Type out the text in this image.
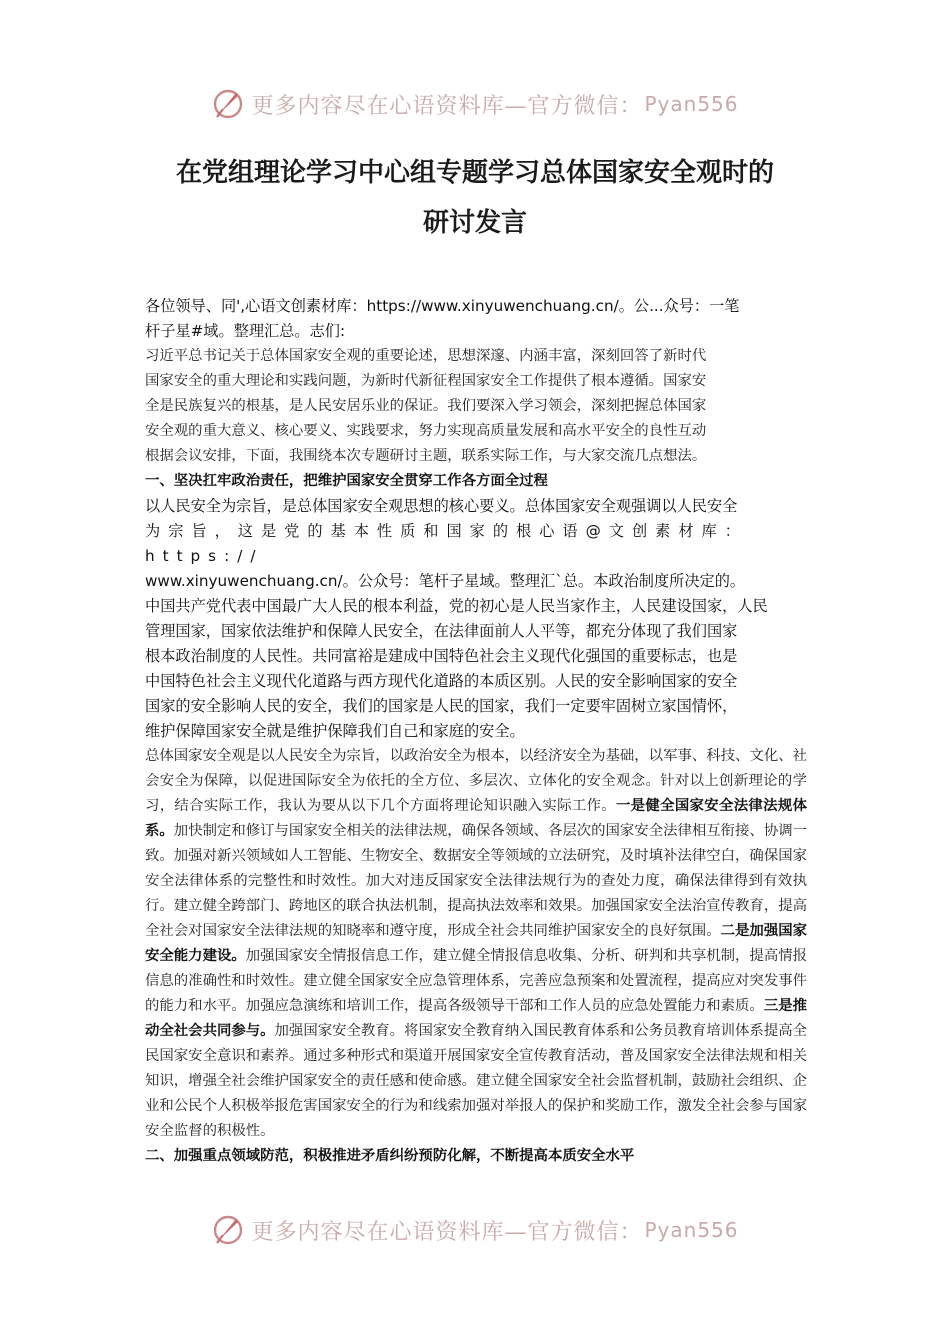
更多内容尽在心语资料库—官方微信： Pyan556
在党组理论学习中心组专题学习总体国家安全观时的
研讨发言

各位领导、同',心语文创素材库：https://www.xinyuwenchuang.cn/。公...众号：一笔

杆子星#域。整理汇总。志们:

习近平总书记关于总体国家安全观的重要论述，思想深邃、内涵丰富，深刻回答了新时代

国家安全的重大理论和实践问题，为新时代新征程国家安全工作提供了根本遵循。国家安

全是民族复兴的根基，是人民安居乐业的保证。我们要深入学习领会，深刻把握总体国家

安全观的重大意义、核心要义、实践要求，努力实现高质量发展和高水平安全的良性互动

根据会议安排，下面，我围绕本次专题研讨主题，联系实际工作，与大家交流几点想法。

一、坚决扛牢政治责任，把维护国家安全贯穿工作各方面全过程

以人民安全为宗旨，是总体国家安全观思想的核心要义。总体国家安全观强调以人民安全

为宗旨，这是党的基本性质和国家的根心语@文创素材库：https://

www.xinyuwenchuang.cn/。公众号：笔杆子星域。整理汇`总。本政治制度所决定的。

中国共产党代表中国最广大人民的根本利益，党的初心是人民当家作主，人民建设国家，人民

管理国家，国家依法维护和保障人民安全，在法律面前人人平等，都充分体现了我们国家

根本政治制度的人民性。共同富裕是建成中国特色社会主义现代化强国的重要标志，也是

中国特色社会主义现代化道路与西方现代化道路的本质区别。人民的安全影响国家的安全

国家的安全影响人民的安全，我们的国家是人民的国家，我们一定要牢固树立家国情怀，

维护保障国家安全就是维护保障我们自己和家庭的安全。

总体国家安全观是以人民安全为宗旨，以政治安全为根本，以经济安全为基础，以军事、科技、文化、社会安全为保障，以促进国际安全为依托的全方位、多层次、立体化的安全观念。针对以上创新理论的学习，结合实际工作，我认为要从以下几个方面将理论知识融入实际工作。一是健全国家安全法律法规体系。加快制定和修订与国家安全相关的法律法规，确保各领域、各层次的国家安全法律相互衔接、协调一致。加强对新兴领域如人工智能、生物安全、数据安全等领域的立法研究，及时填补法律空白，确保国家安全法律体系的完整性和时效性。加大对违反国家安全法律法规行为的查处力度，确保法律得到有效执行。建立健全跨部门、跨地区的联合执法机制，提高执法效率和效果。加强国家安全法治宣传教育，提高全社会对国家安全法律法规的知晓率和遵守度，形成全社会共同维护国家安全的良好氛围。二是加强国家安全能力建设。加强国家安全情报信息工作，建立健全情报信息收集、分析、研判和共享机制，提高情报信息的准确性和时效性。建立健全国家安全应急管理体系，完善应急预案和处置流程，提高应对突发事件的能力和水平。加强应急演练和培训工作，提高各级领导干部和工作人员的应急处置能力和素质。三是推动全社会共同参与。加强国家安全教育。将国家安全教育纳入国民教育体系和公务员教育培训体系提高全民国家安全意识和素养。通过多种形式和渠道开展国家安全宣传教育活动，普及国家安全法律法规和相关知识，增强全社会维护国家安全的责任感和使命感。建立健全国家安全社会监督机制，鼓励社会组织、企业和公民个人积极举报危害国家安全的行为和线索加强对举报人的保护和奖励工作，激发全社会参与国家安全监督的积极性。

二、加强重点领域防范，积极推进矛盾纠纷预防化解，不断提高本质安全水平

更多内容尽在心语资料库—官方微信： Pyan556
